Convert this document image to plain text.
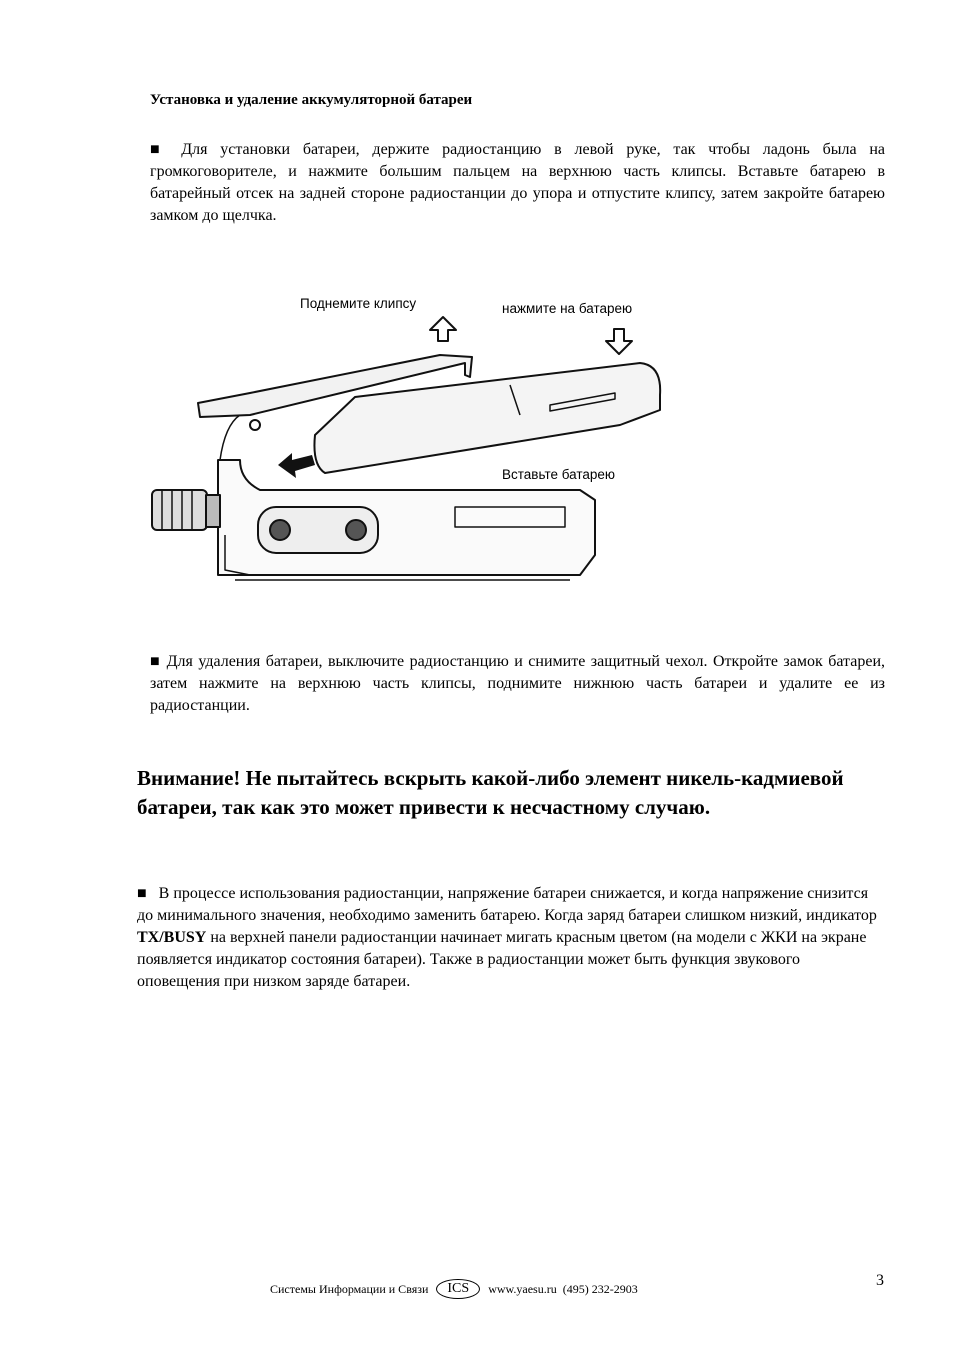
Установка и удаление аккумуляторной батареи

■ Для установки батареи, держите радиостанцию в левой руке, так чтобы ладонь была на громкоговорителе, и нажмите большим пальцем на верхнюю часть клипсы. Вставьте батарею в батарейный отсек на задней стороне радиостанции до упора и отпустите клипсу, затем закройте батарею замком до щелчка.

Поднемите клипсу	нажмите на батарею
Вставьте батарею

■ Для удаления батареи, выключите радиостанцию и снимите защитный чехол. Откройте замок батареи, затем нажмите на верхнюю часть клипсы, поднимите нижнюю часть батареи и удалите ее из радиостанции.

Внимание! Не пытайтесь вскрыть какой-либо элемент никель-кадмиевой батареи, так как это может привести к несчастному случаю.

■ В процессе использования радиостанции, напряжение батареи снижается, и когда напряжение снизится до минимального значения, необходимо заменить батарею. Когда заряд батареи слишком низкий, индикатор TX/BUSY на верхней панели радиостанции начинает мигать красным цветом (на модели с ЖКИ на экране появляется индикатор состояния батареи). Также в радиостанции может быть функция звукового оповещения при низком заряде батареи.

Системы Информации и Связи	ICS	www.yaesu.ru (495) 232-2903	3
